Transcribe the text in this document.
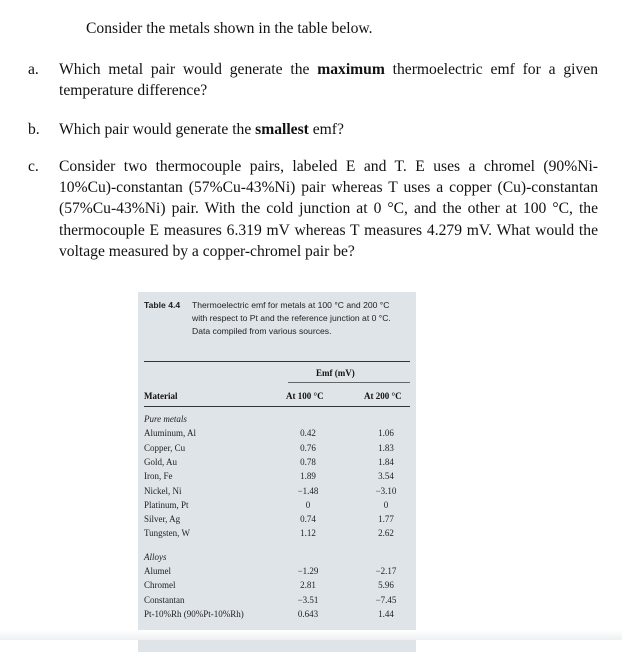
Consider the metals shown in the table below.
a. Which metal pair would generate the maximum thermoelectric emf for a given temperature difference?
b. Which pair would generate the smallest emf?
c. Consider two thermocouple pairs, labeled E and T. E uses a chromel (90%Ni-10%Cu)-constantan (57%Cu-43%Ni) pair whereas T uses a copper (Cu)-constantan (57%Cu-43%Ni) pair. With the cold junction at 0 °C, and the other at 100 °C, the thermocouple E measures 6.319 mV whereas T measures 4.279 mV. What would the voltage measured by a copper-chromel pair be?
Table 4.4 Thermoelectric emf for metals at 100 °C and 200 °C with respect to Pt and the reference junction at 0 °C. Data compiled from various sources.
Emf (mV)
Material	At 100 °C	At 200 °C
Pure metals
Aluminum, Al	0.42	1.06
Copper, Cu	0.76	1.83
Gold, Au	0.78	1.84
Iron, Fe	1.89	3.54
Nickel, Ni	−1.48	−3.10
Platinum, Pt	0	0
Silver, Ag	0.74	1.77
Tungsten, W	1.12	2.62
Alloys
Alumel	−1.29	−2.17
Chromel	2.81	5.96
Constantan	−3.51	−7.45
Pt-10%Rh (90%Pt-10%Rh)	0.643	1.44
